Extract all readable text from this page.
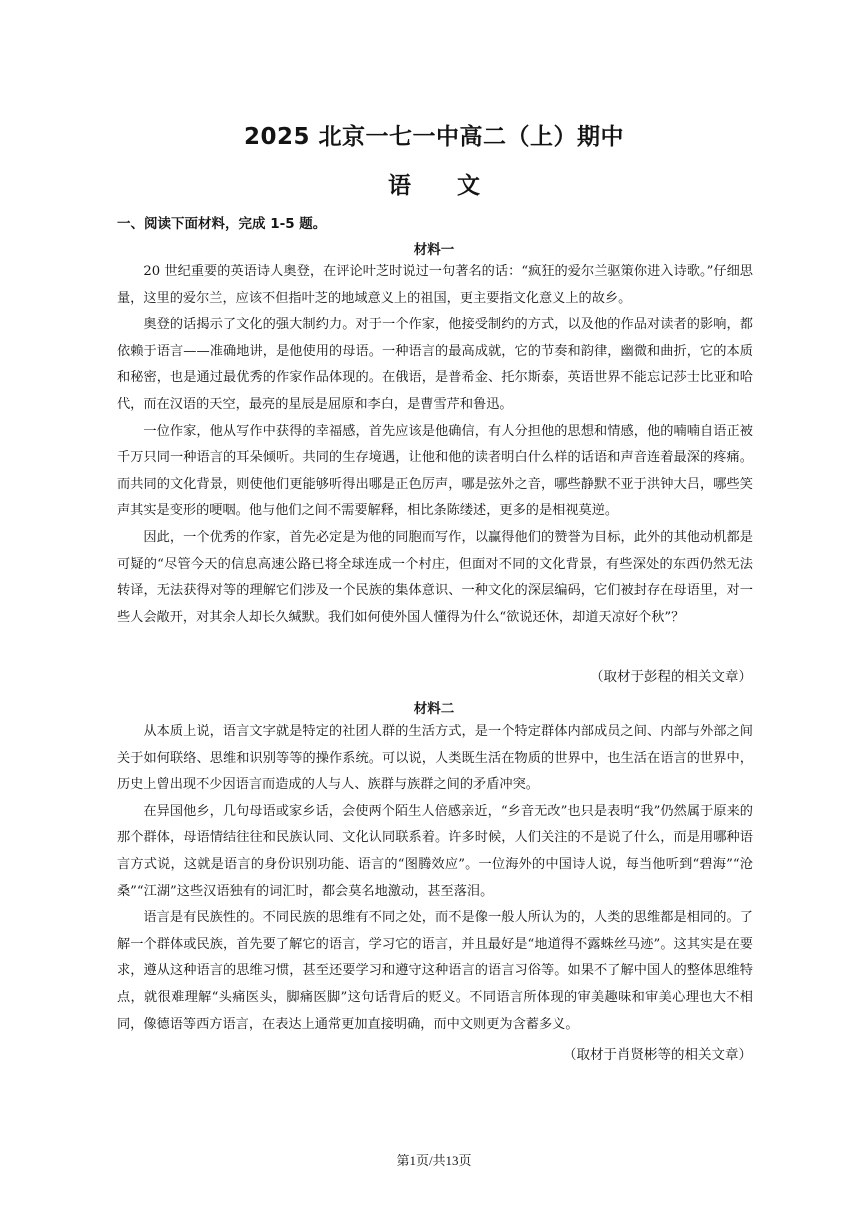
2025 北京一七一中高二（上）期中
语文
一、阅读下面材料，完成 1-5 题。
材料一

20 世纪重要的英语诗人奥登，在评论叶芝时说过一句著名的话：“疯狂的爱尔兰驱策你进入诗歌。”仔细思量，这里的爱尔兰，应该不但指叶芝的地域意义上的祖国，更主要指文化意义上的故乡。

奥登的话揭示了文化的强大制约力。对于一个作家，他接受制约的方式，以及他的作品对读者的影响，都依赖于语言——准确地讲，是他使用的母语。一种语言的最高成就，它的节奏和韵律，幽微和曲折，它的本质和秘密，也是通过最优秀的作家作品体现的。在俄语，是普希金、托尔斯泰，英语世界不能忘记莎士比亚和哈代，而在汉语的天空，最亮的星辰是屈原和李白，是曹雪芹和鲁迅。

一位作家，他从写作中获得的幸福感，首先应该是他确信，有人分担他的思想和情感，他的喃喃自语正被千万只同一种语言的耳朵倾听。共同的生存境遇，让他和他的读者明白什么样的话语和声音连着最深的疼痛。而共同的文化背景，则使他们更能够听得出哪是正色厉声，哪是弦外之音，哪些静默不亚于洪钟大吕，哪些笑声其实是变形的哽咽。他与他们之间不需要解释，相比条陈缕述，更多的是相视莫逆。

因此，一个优秀的作家，首先必定是为他的同胞而写作，以赢得他们的赞誉为目标，此外的其他动机都是可疑的“尽管今天的信息高速公路已将全球连成一个村庄，但面对不同的文化背景，有些深处的东西仍然无法转译，无法获得对等的理解它们涉及一个民族的集体意识、一种文化的深层编码，它们被封存在母语里，对一些人会敞开，对其余人却长久缄默。我们如何使外国人懂得为什么“欲说还休，却道天凉好个秋”？

（取材于彭程的相关文章）
材料二

从本质上说，语言文字就是特定的社团人群的生活方式，是一个特定群体内部成员之间、内部与外部之间关于如何联络、思维和识别等等的操作系统。可以说，人类既生活在物质的世界中，也生活在语言的世界中，历史上曾出现不少因语言而造成的人与人、族群与族群之间的矛盾冲突。

在异国他乡，几句母语或家乡话，会使两个陌生人倍感亲近，“乡音无改”也只是表明“我”仍然属于原来的那个群体，母语情结往往和民族认同、文化认同联系着。许多时候，人们关注的不是说了什么，而是用哪种语言方式说，这就是语言的身份识别功能、语言的“图腾效应”。一位海外的中国诗人说，每当他听到“碧海”“沧桑”“江湖”这些汉语独有的词汇时，都会莫名地激动，甚至落泪。

语言是有民族性的。不同民族的思维有不同之处，而不是像一般人所认为的，人类的思维都是相同的。了解一个群体或民族，首先要了解它的语言，学习它的语言，并且最好是“地道得不露蛛丝马迹”。这其实是在要求，遵从这种语言的思维习惯，甚至还要学习和遵守这种语言的语言习俗等。如果不了解中国人的整体思维特点，就很难理解“头痛医头，脚痛医脚”这句话背后的贬义。不同语言所体现的审美趣味和审美心理也大不相同，像德语等西方语言，在表达上通常更加直接明确，而中文则更为含蓄多义。

（取材于肖贤彬等的相关文章）
第1页/共13页
